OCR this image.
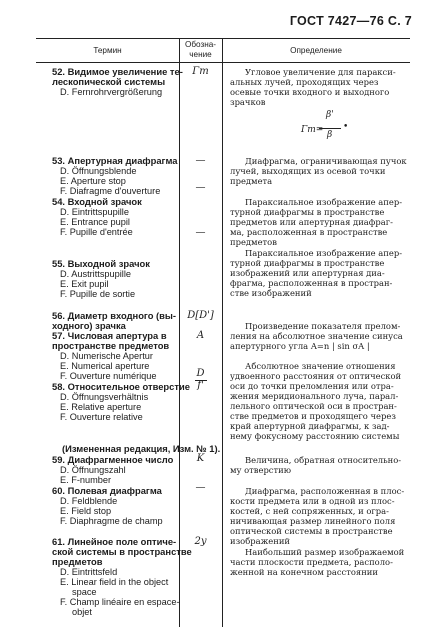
ГОСТ 7427—76 С. 7
Термин
Обозна-
чение	Определение
52. Видимое увеличение те-
лескопической системы
D. Fernrohrvergrößerung
53. Апертурная диафрагма
D. Öffnungsblende
E. Aperture stop
F. Diafragme d'ouverture
54. Входной зрачок
D. Eintrittspupille
E. Entrance pupil
F. Pupille d'entrée
55. Выходной зрачок
D. Austrittspupille
E. Exit pupil
F. Pupille de sortie
56. Диаметр входного (вы-
ходного) зрачка
57. Числовая апертура в
пространстве предметов
D. Numerische Apertur
E. Numerical aperture
F. Ouverture numérique
58. Относительное отверстие
D. Öffnungsverhältnis
E. Relative aperture
F. Ouverture relative
(Измененная редакция, Изм. № 1).
59. Диафрагменное число
D. Öffnungszahl
E. F-number
60. Полевая диафрагма
D. Feldblende
E. Field stop
F. Diaphragme de champ
61. Линейное поле оптиче-
ской системы в пространстве
предметов
D. Eintrittsfeld
E. Linear field in the object
space
F. Champ linéaire en espace-
objet
Γт
—
—
—
D[D']
A
D
f'
K
—
2y
Угловое увеличение для паракси-
альных лучей, проходящих через
осевые точки входного и выходного
зрачков
Γт=
β'
β
•
Диафрагма, ограничивающая пучок
лучей, выходящих из осевой точки
предмета
Параксиальное изображение апер-
турной диафрагмы в пространстве
предметов или апертурная диафраг-
ма, расположенная в пространстве
предметов
Параксиальное изображение апер-
турной диафрагмы в пространстве
изображений или апертурная диа-
фрагма, расположенная в простран-
стве изображений
Произведение показателя прелом-
ления на абсолютное значение синуса
апертурного угла A=n | sin σA |
Абсолютное значение отношения
удвоенного расстояния от оптической
оси до точки преломления или отра-
жения меридионального луча, парал-
лельного оптической оси в простран-
стве предметов и проходящего через
край апертурной диафрагмы, к зад-
нему фокусному расстоянию системы
Величина, обратная относительно-
му отверстию
Диафрагма, расположенная в плос-
кости предмета или в одной из плос-
костей, с ней сопряженных, и огра-
ничивающая размер линейного поля
оптической системы в пространстве
изображений
Наибольший размер изображаемой
части плоскости предмета, располо-
женной на конечном расстоянии
